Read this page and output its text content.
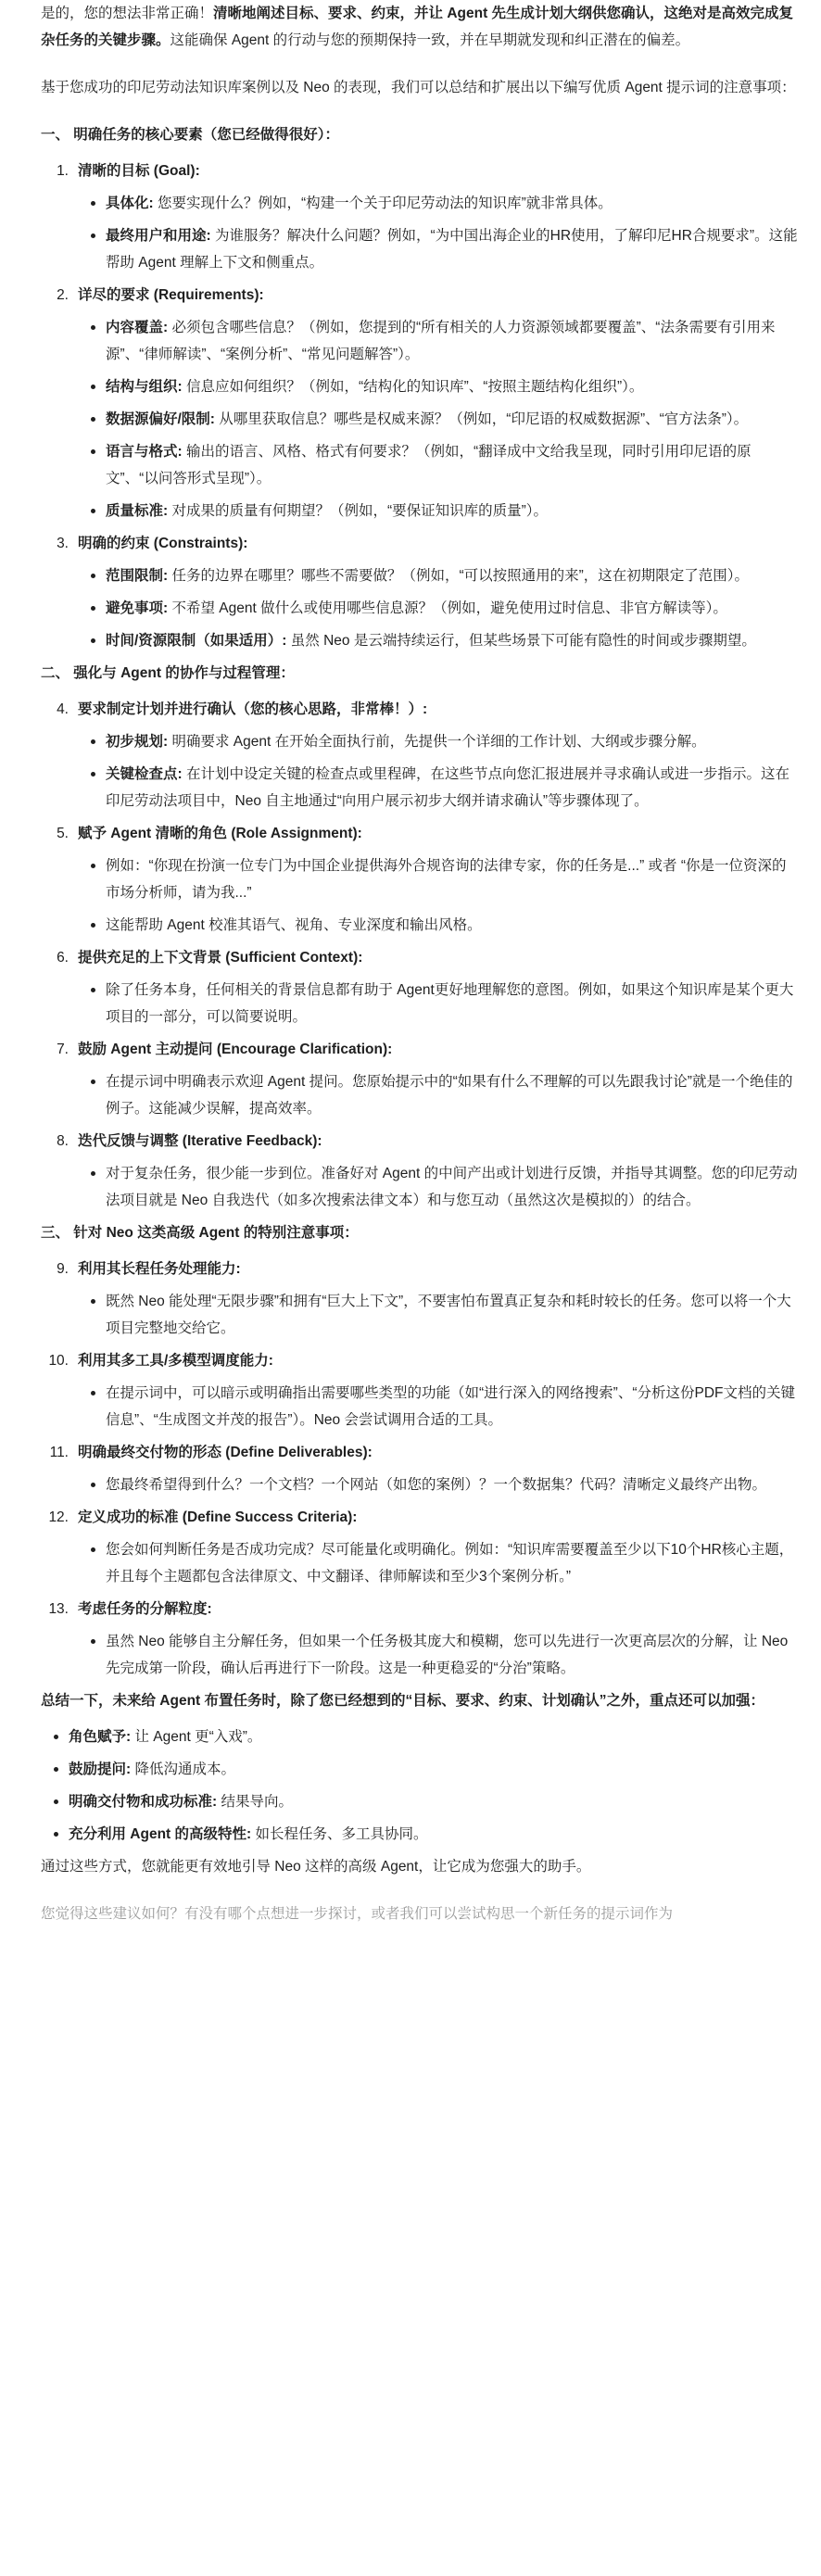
是的，您的想法非常正确！清晰地阐述目标、要求、约束，并让 Agent 先生成计划大纲供您确认，这绝对是高效完成复杂任务的关键步骤。这能确保 Agent 的行动与您的预期保持一致，并在早期就发现和纠正潜在的偏差。

基于您成功的印尼劳动法知识库案例以及 Neo 的表现，我们可以总结和扩展出以下编写优质 Agent 提示词的注意事项：

一、 明确任务的核心要素（您已经做得很好）：

1. 清晰的目标 (Goal):
具体化: 您要实现什么？例如，“构建一个关于印尼劳动法的知识库”就非常具体。
最终用户和用途: 为谁服务？解决什么问题？例如，“为中国出海企业的HR使用，了解印尼HR合规要求”。这能帮助 Agent 理解上下文和侧重点。
2. 详尽的要求 (Requirements):
内容覆盖: 必须包含哪些信息？（例如，您提到的“所有相关的人力资源领域都要覆盖”、“法条需要有引用来源”、“律师解读”、“案例分析”、“常见问题解答”）。
结构与组织: 信息应如何组织？（例如，“结构化的知识库”、“按照主题结构化组织”）。
数据源偏好/限制: 从哪里获取信息？哪些是权威来源？（例如，“印尼语的权威数据源”、“官方法条”）。
语言与格式: 输出的语言、风格、格式有何要求？（例如，“翻译成中文给我呈现，同时引用印尼语的原文”、“以问答形式呈现”）。
质量标准: 对成果的质量有何期望？（例如，“要保证知识库的质量”）。
3. 明确的约束 (Constraints):
范围限制: 任务的边界在哪里？哪些不需要做？（例如，“可以按照通用的来”，这在初期限定了范围）。
避免事项: 不希望 Agent 做什么或使用哪些信息源？（例如，避免使用过时信息、非官方解读等）。
时间/资源限制（如果适用）: 虽然 Neo 是云端持续运行，但某些场景下可能有隐性的时间或步骤期望。

二、 强化与 Agent 的协作与过程管理：

4. 要求制定计划并进行确认（您的核心思路，非常棒！）:
初步规划: 明确要求 Agent 在开始全面执行前，先提供一个详细的工作计划、大纲或步骤分解。
关键检查点: 在计划中设定关键的检查点或里程碑，在这些节点向您汇报进展并寻求确认或进一步指示。这在印尼劳动法项目中，Neo 自主地通过“向用户展示初步大纲并请求确认”等步骤体现了。
5. 赋予 Agent 清晰的角色 (Role Assignment):
例如：“你现在扮演一位专门为中国企业提供海外合规咨询的法律专家，你的任务是...” 或者 “你是一位资深的市场分析师，请为我...”
这能帮助 Agent 校准其语气、视角、专业深度和输出风格。
6. 提供充足的上下文背景 (Sufficient Context):
除了任务本身，任何相关的背景信息都有助于 Agent更好地理解您的意图。例如，如果这个知识库是某个更大项目的一部分，可以简要说明。
7. 鼓励 Agent 主动提问 (Encourage Clarification):
在提示词中明确表示欢迎 Agent 提问。您原始提示中的“如果有什么不理解的可以先跟我讨论”就是一个绝佳的例子。这能减少误解，提高效率。
8. 迭代反馈与调整 (Iterative Feedback):
对于复杂任务，很少能一步到位。准备好对 Agent 的中间产出或计划进行反馈，并指导其调整。您的印尼劳动法项目就是 Neo 自我迭代（如多次搜索法律文本）和与您互动（虽然这次是模拟的）的结合。

三、 针对 Neo 这类高级 Agent 的特别注意事项：

9. 利用其长程任务处理能力:
既然 Neo 能处理“无限步骤”和拥有“巨大上下文”，不要害怕布置真正复杂和耗时较长的任务。您可以将一个大项目完整地交给它。
10. 利用其多工具/多模型调度能力:
在提示词中，可以暗示或明确指出需要哪些类型的功能（如“进行深入的网络搜索”、“分析这份PDF文档的关键信息”、“生成图文并茂的报告”）。Neo 会尝试调用合适的工具。
11. 明确最终交付物的形态 (Define Deliverables):
您最终希望得到什么？一个文档？一个网站（如您的案例）？一个数据集？代码？清晰定义最终产出物。
12. 定义成功的标准 (Define Success Criteria):
您会如何判断任务是否成功完成？尽可能量化或明确化。例如：“知识库需要覆盖至少以下10个HR核心主题，并且每个主题都包含法律原文、中文翻译、律师解读和至少3个案例分析。”
13. 考虑任务的分解粒度:
虽然 Neo 能够自主分解任务，但如果一个任务极其庞大和模糊，您可以先进行一次更高层次的分解，让 Neo 先完成第一阶段，确认后再进行下一阶段。这是一种更稳妥的“分治”策略。

总结一下，未来给 Agent 布置任务时，除了您已经想到的“目标、要求、约束、计划确认”之外，重点还可以加强：

角色赋予: 让 Agent 更“入戏”。
鼓励提问: 降低沟通成本。
明确交付物和成功标准: 结果导向。
充分利用 Agent 的高级特性: 如长程任务、多工具协同。

通过这些方式，您就能更有效地引导 Neo 这样的高级 Agent，让它成为您强大的助手。

您觉得这些建议如何？有没有哪个点想进一步探讨，或者我们可以尝试构思一个新任务的提示词作为
